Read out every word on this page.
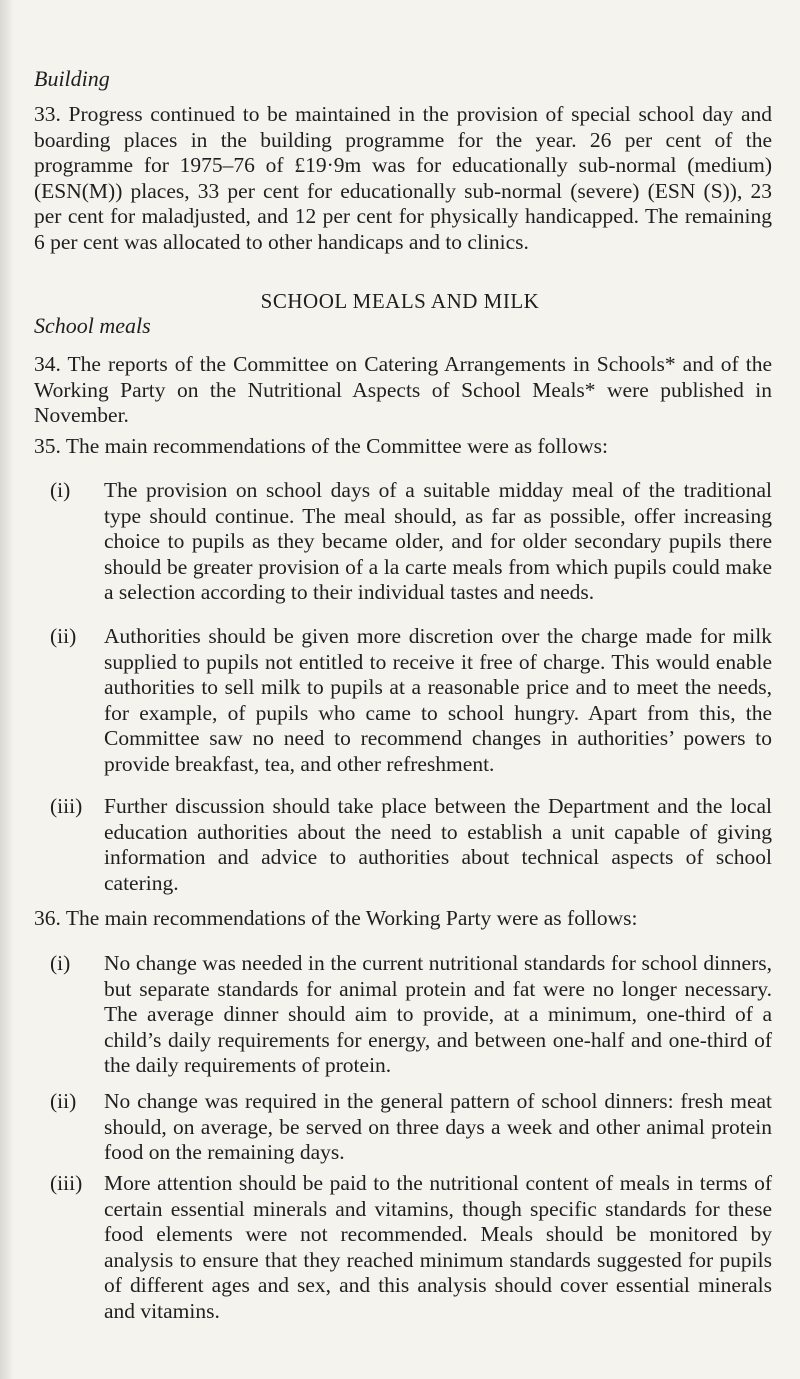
Building
33. Progress continued to be maintained in the provision of special school day and boarding places in the building programme for the year. 26 per cent of the programme for 1975–76 of £19·9m was for educationally sub-normal (medium) (ESN(M)) places, 33 per cent for educationally sub-normal (severe) (ESN (S)), 23 per cent for maladjusted, and 12 per cent for physically handicapped. The remaining 6 per cent was allocated to other handicaps and to clinics.
SCHOOL MEALS AND MILK
School meals
34. The reports of the Committee on Catering Arrangements in Schools* and of the Working Party on the Nutritional Aspects of School Meals* were published in November.
35. The main recommendations of the Committee were as follows:
(i)	The provision on school days of a suitable midday meal of the traditional type should continue. The meal should, as far as possible, offer increasing choice to pupils as they became older, and for older secondary pupils there should be greater provision of a la carte meals from which pupils could make a selection according to their individual tastes and needs.
(ii)	Authorities should be given more discretion over the charge made for milk supplied to pupils not entitled to receive it free of charge. This would enable authorities to sell milk to pupils at a reasonable price and to meet the needs, for example, of pupils who came to school hungry. Apart from this, the Committee saw no need to recommend changes in authorities’ powers to provide breakfast, tea, and other refreshment.
(iii)	Further discussion should take place between the Department and the local education authorities about the need to establish a unit capable of giving information and advice to authorities about technical aspects of school catering.
36. The main recommendations of the Working Party were as follows:
(i)	No change was needed in the current nutritional standards for school dinners, but separate standards for animal protein and fat were no longer necessary. The average dinner should aim to provide, at a minimum, one-third of a child’s daily requirements for energy, and between one-half and one-third of the daily requirements of protein.
(ii)	No change was required in the general pattern of school dinners: fresh meat should, on average, be served on three days a week and other animal protein food on the remaining days.
(iii)	More attention should be paid to the nutritional content of meals in terms of certain essential minerals and vitamins, though specific standards for these food elements were not recommended. Meals should be monitored by analysis to ensure that they reached minimum standards suggested for pupils of different ages and sex, and this analysis should cover essential minerals and vitamins.
